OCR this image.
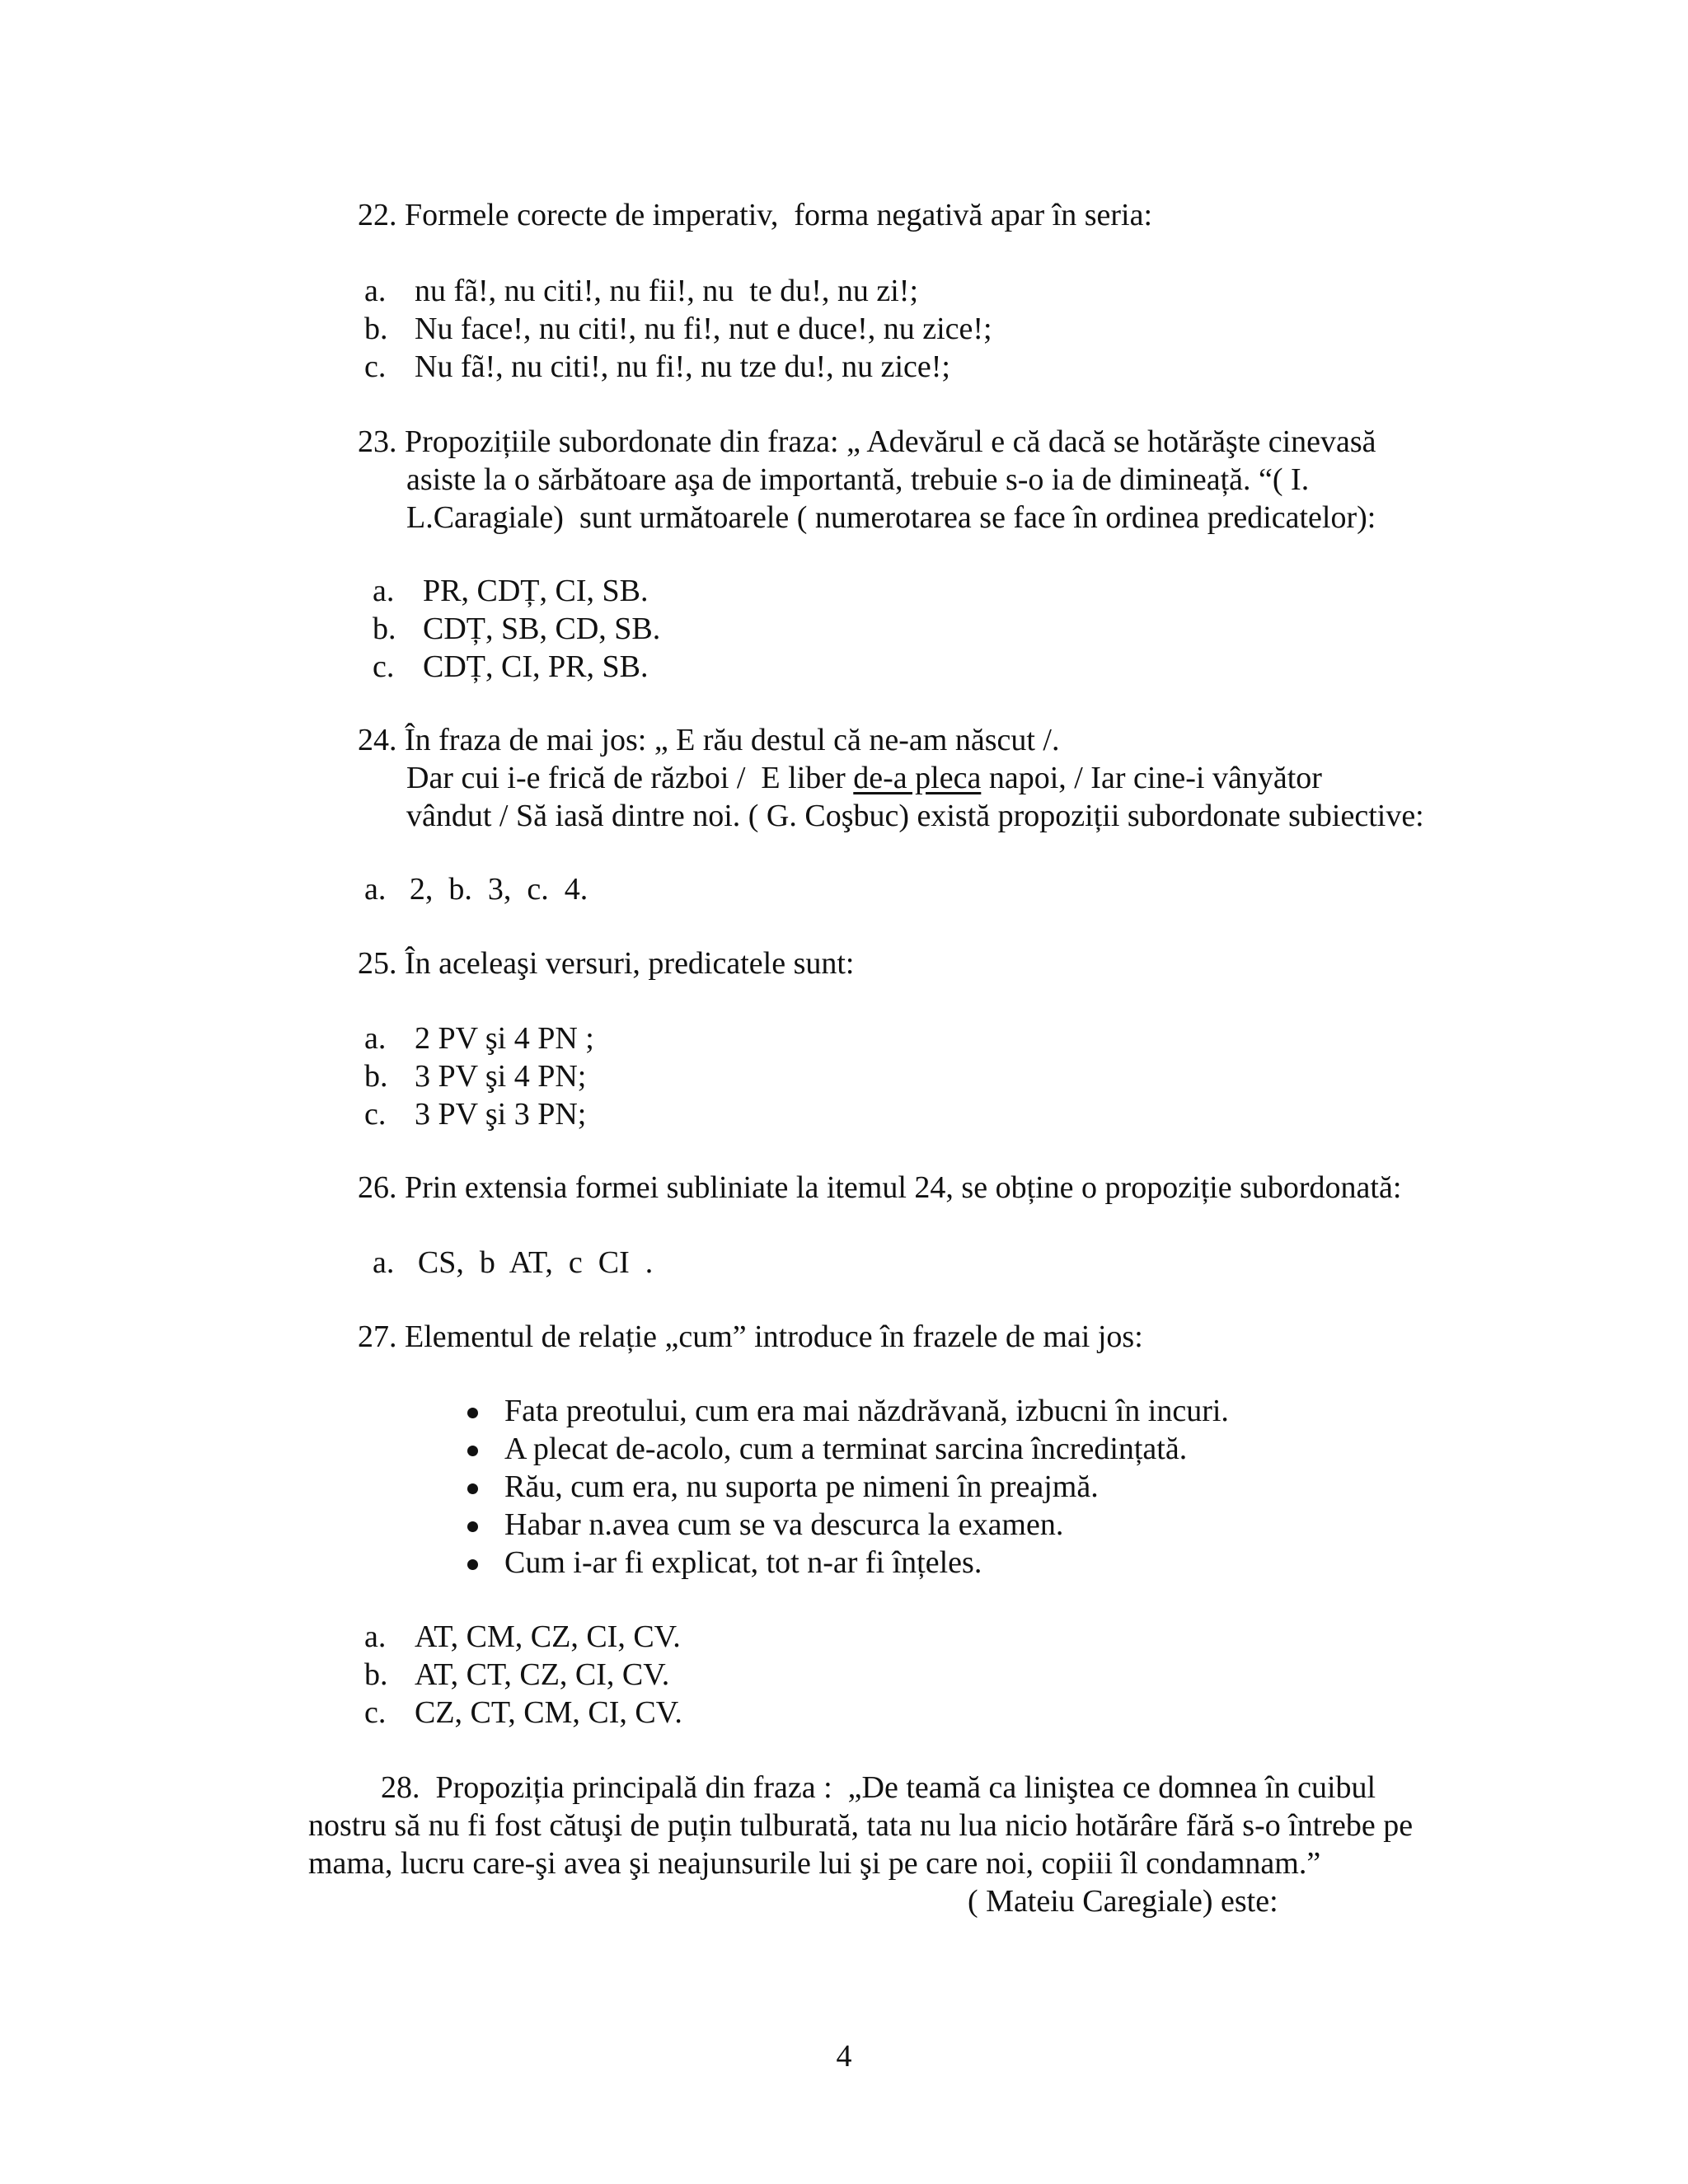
22. Formele corecte de imperativ,  forma negativă apar în seria:
a. nu fã!, nu citi!, nu fii!, nu  te du!, nu zi!;
b. Nu face!, nu citi!, nu fi!, nut e duce!, nu zice!;
c. Nu fã!, nu citi!, nu fi!, nu tze du!, nu zice!;
23. Propozițiile subordonate din fraza: „ Adevărul e că dacă se hotărăşte cinevasă
asiste la o sărbătoare aşa de importantă, trebuie s-o ia de dimineață. “( I.
L.Caragiale)  sunt următoarele ( numerotarea se face în ordinea predicatelor):
a. PR, CDȚ, CI, SB.
b. CDȚ, SB, CD, SB.
c. CDȚ, CI, PR, SB.
24. În fraza de mai jos: „ E rău destul că ne-am născut /.
Dar cui i-e frică de război /  E liber de-a pleca napoi, / Iar cine-i vânyător
vândut / Să iasă dintre noi. ( G. Coşbuc) există propoziții subordonate subiective:
a.   2,  b.  3,  c.  4.
25. În aceleaşi versuri, predicatele sunt:
a. 2 PV şi 4 PN ;
b. 3 PV şi 4 PN;
c. 3 PV şi 3 PN;
26. Prin extensia formei subliniate la itemul 24, se obține o propoziție subordonată:
a.   CS,  b  AT,  c  CI  .
27. Elementul de relație „cum” introduce în frazele de mai jos:
Fata preotului, cum era mai năzdrăvană, izbucni în incuri.
A plecat de-acolo, cum a terminat sarcina încredințată.
Rău, cum era, nu suporta pe nimeni în preajmă.
Habar n.avea cum se va descurca la examen.
Cum i-ar fi explicat, tot n-ar fi înțeles.
a. AT, CM, CZ, CI, CV.
b. AT, CT, CZ, CI, CV.
c. CZ, CT, CM, CI, CV.
28.  Propoziția principală din fraza :  „De teamă ca liniştea ce domnea în cuibul
nostru să nu fi fost cătuşi de puțin tulburată, tata nu lua nicio hotărâre fără s-o întrebe pe
mama, lucru care-şi avea şi neajunsurile lui şi pe care noi, copiii îl condamnam.”
( Mateiu Caregiale) este:
4
